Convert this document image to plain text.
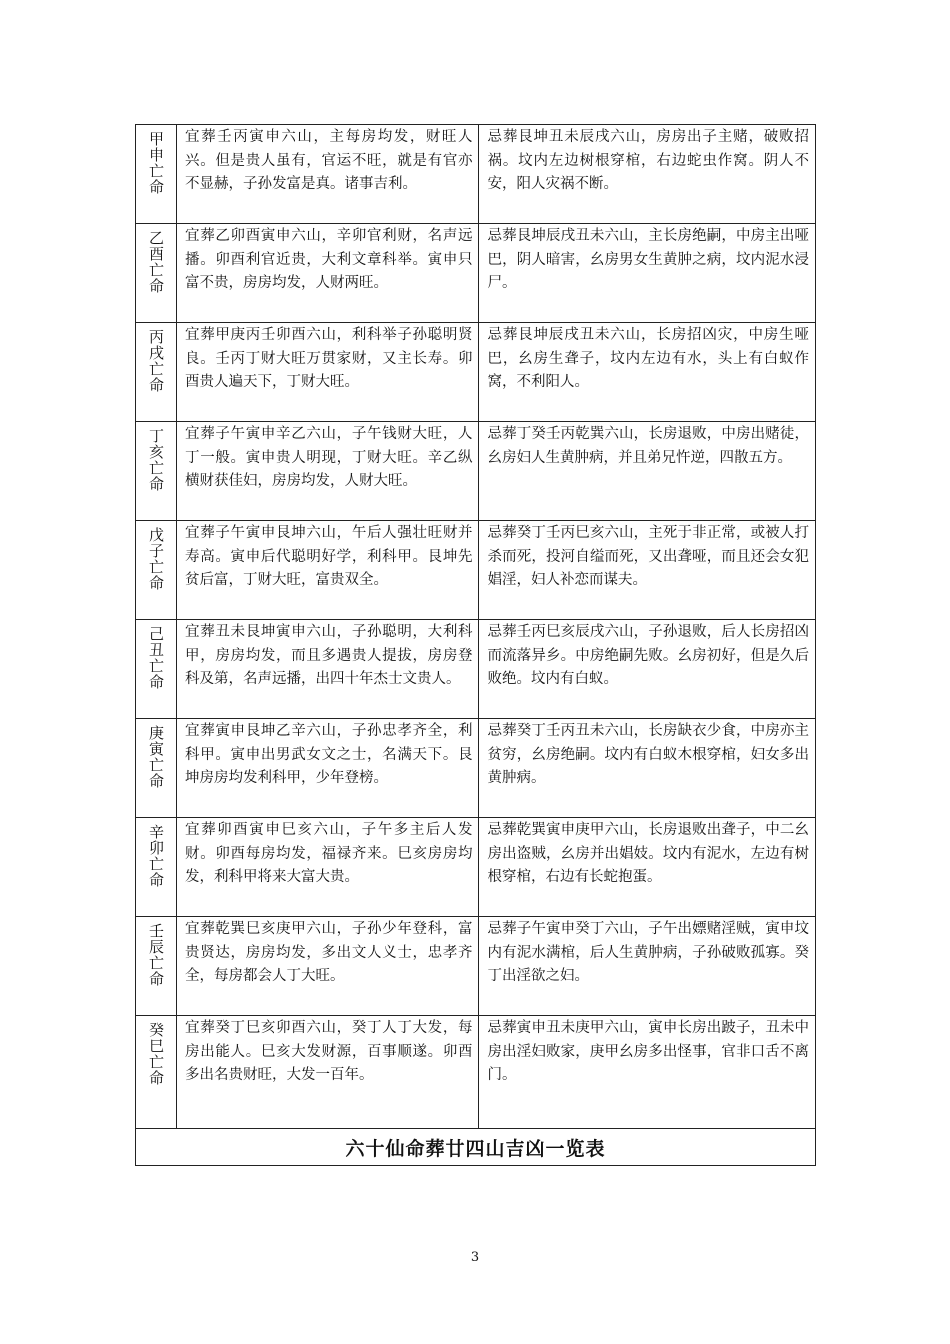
甲申亡命	宜葬壬丙寅申六山，主每房均发，财旺人兴。但是贵人虽有，官运不旺，就是有官亦不显赫，子孙发富是真。诸事吉利。	忌葬艮坤丑未辰戌六山，房房出子主赌，破败招祸。坟内左边树根穿棺，右边蛇虫作窝。阴人不安，阳人灾祸不断。

乙酉亡命	宜葬乙卯酉寅申六山，辛卯官利财，名声远播。卯酉利官近贵，大利文章科举。寅申只富不贵，房房均发，人财两旺。	忌葬艮坤辰戌丑未六山，主长房绝嗣，中房主出哑巴，阴人暗害，幺房男女生黄肿之病，坟内泥水浸尸。

丙戌亡命	宜葬甲庚丙壬卯酉六山，利科举子孙聪明贤良。壬丙丁财大旺万贯家财，又主长寿。卯酉贵人遍天下，丁财大旺。	忌葬艮坤辰戌丑未六山，长房招凶灾，中房生哑巴，幺房生聋子，坟内左边有水，头上有白蚁作窝，不利阳人。

丁亥亡命	宜葬子午寅申辛乙六山，子午钱财大旺，人丁一般。寅申贵人明现，丁财大旺。辛乙纵横财获佳妇，房房均发，人财大旺。	忌葬丁癸壬丙乾巽六山，长房退败，中房出赌徒，幺房妇人生黄肿病，并且弟兄忤逆，四散五方。

戊子亡命	宜葬子午寅申艮坤六山，午后人强壮旺财并寿高。寅申后代聪明好学，利科甲。艮坤先贫后富，丁财大旺，富贵双全。	忌葬癸丁壬丙巳亥六山，主死于非正常，或被人打杀而死，投河自缢而死，又出聋哑，而且还会女犯娼淫，妇人补恋而谋夫。

己丑亡命	宜葬丑未艮坤寅申六山，子孙聪明，大利科甲，房房均发，而且多遇贵人提拔，房房登科及第，名声远播，出四十年杰士文贵人。	忌葬壬丙巳亥辰戌六山，子孙退败，后人长房招凶而流落异乡。中房绝嗣先败。幺房初好，但是久后败绝。坟内有白蚁。

庚寅亡命	宜葬寅申艮坤乙辛六山，子孙忠孝齐全，利科甲。寅申出男武女文之士，名满天下。艮坤房房均发利科甲，少年登榜。	忌葬癸丁壬丙丑未六山，长房缺衣少食，中房亦主贫穷，幺房绝嗣。坟内有白蚁木根穿棺，妇女多出黄肿病。

辛卯亡命	宜葬卯酉寅申巳亥六山，子午多主后人发财。卯酉每房均发，福禄齐来。巳亥房房均发，利科甲将来大富大贵。	忌葬乾巽寅申庚甲六山，长房退败出聋子，中二幺房出盗贼，幺房并出娼妓。坟内有泥水，左边有树根穿棺，右边有长蛇抱蛋。

壬辰亡命	宜葬乾巽巳亥庚甲六山，子孙少年登科，富贵贤达，房房均发，多出文人义士，忠孝齐全，每房都会人丁大旺。	忌葬子午寅申癸丁六山，子午出嫖赌淫贼，寅申坟内有泥水满棺，后人生黄肿病，子孙破败孤寡。癸丁出淫欲之妇。

癸巳亡命	宜葬癸丁巳亥卯酉六山，癸丁人丁大发，每房出能人。巳亥大发财源，百事顺遂。卯酉多出名贵财旺，大发一百年。	忌葬寅申丑未庚甲六山，寅申长房出跛子，丑未中房出淫妇败家，庚甲幺房多出怪事，官非口舌不离门。

六十仙命葬廿四山吉凶一览表		
3
